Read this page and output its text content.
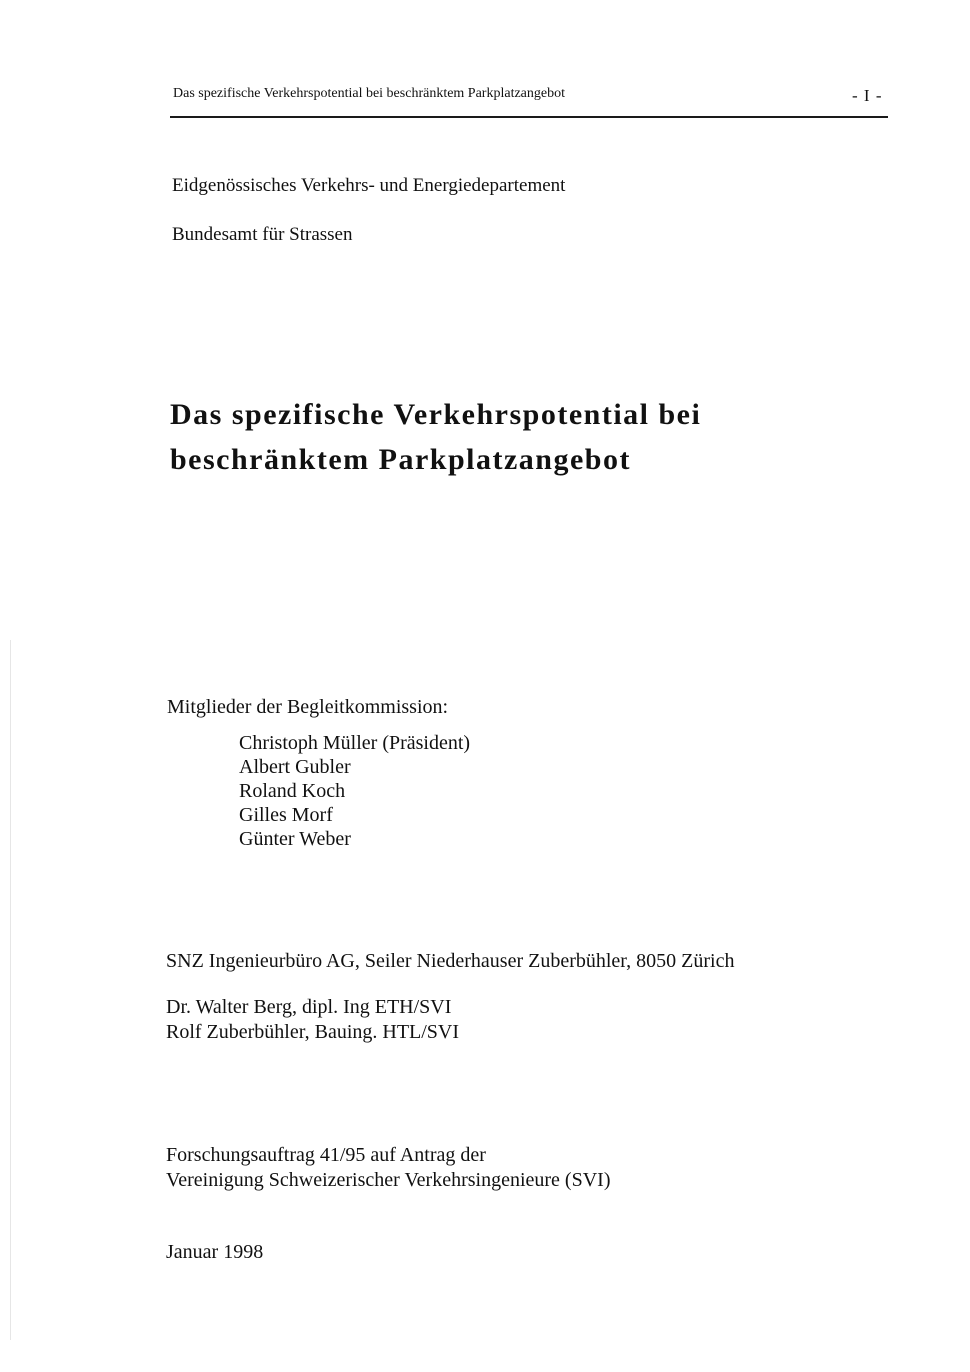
Das spezifische Verkehrspotential bei beschränktem Parkplatzangebot	- I -
Eidgenössisches Verkehrs- und Energiedepartement
Bundesamt für Strassen
Das spezifische Verkehrspotential bei
beschränktem Parkplatzangebot
Mitglieder der Begleitkommission:
Christoph Müller (Präsident)
Albert Gubler
Roland Koch
Gilles Morf
Günter Weber
SNZ Ingenieurbüro AG, Seiler Niederhauser Zuberbühler, 8050 Zürich
Dr. Walter Berg, dipl. Ing ETH/SVI
Rolf Zuberbühler, Bauing. HTL/SVI
Forschungsauftrag 41/95 auf Antrag der
Vereinigung Schweizerischer Verkehrsingenieure (SVI)
Januar 1998
